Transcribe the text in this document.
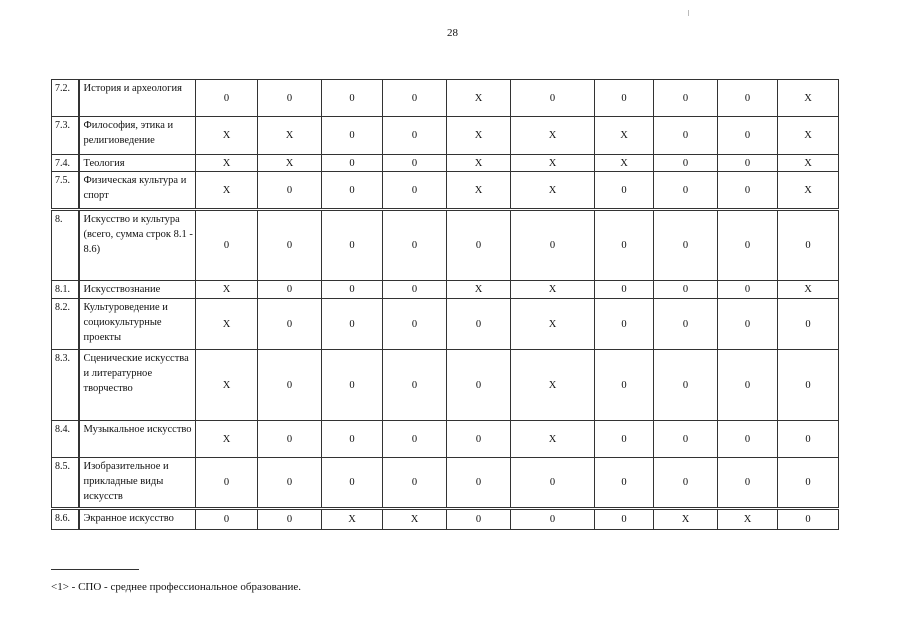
28
7.2.	История и археология	0	0	0	0	X	0	0	0	0	X
7.3.	Философия, этика и религиоведение	X	X	0	0	X	X	X	0	0	X
7.4.	Теология	X	X	0	0	X	X	X	0	0	X
7.5.	Физическая культура и спорт	X	0	0	0	X	X	0	0	0	X
8.	Искусство и культура (всего, сумма строк 8.1 - 8.6)	0	0	0	0	0	0	0	0	0	0
8.1.	Искусствознание	X	0	0	0	X	X	0	0	0	X
8.2.	Культуроведение и социокультурные проекты	X	0	0	0	0	X	0	0	0	0
8.3.	Сценические искусства и литературное творчество	X	0	0	0	0	X	0	0	0	0
8.4.	Музыкальное искусство	X	0	0	0	0	X	0	0	0	0
8.5.	Изобразительное и прикладные виды искусств	0	0	0	0	0	0	0	0	0	0
8.6.	Экранное искусство	0	0	X	X	0	0	0	X	X	0
<1> - СПО - среднее профессиональное образование.
